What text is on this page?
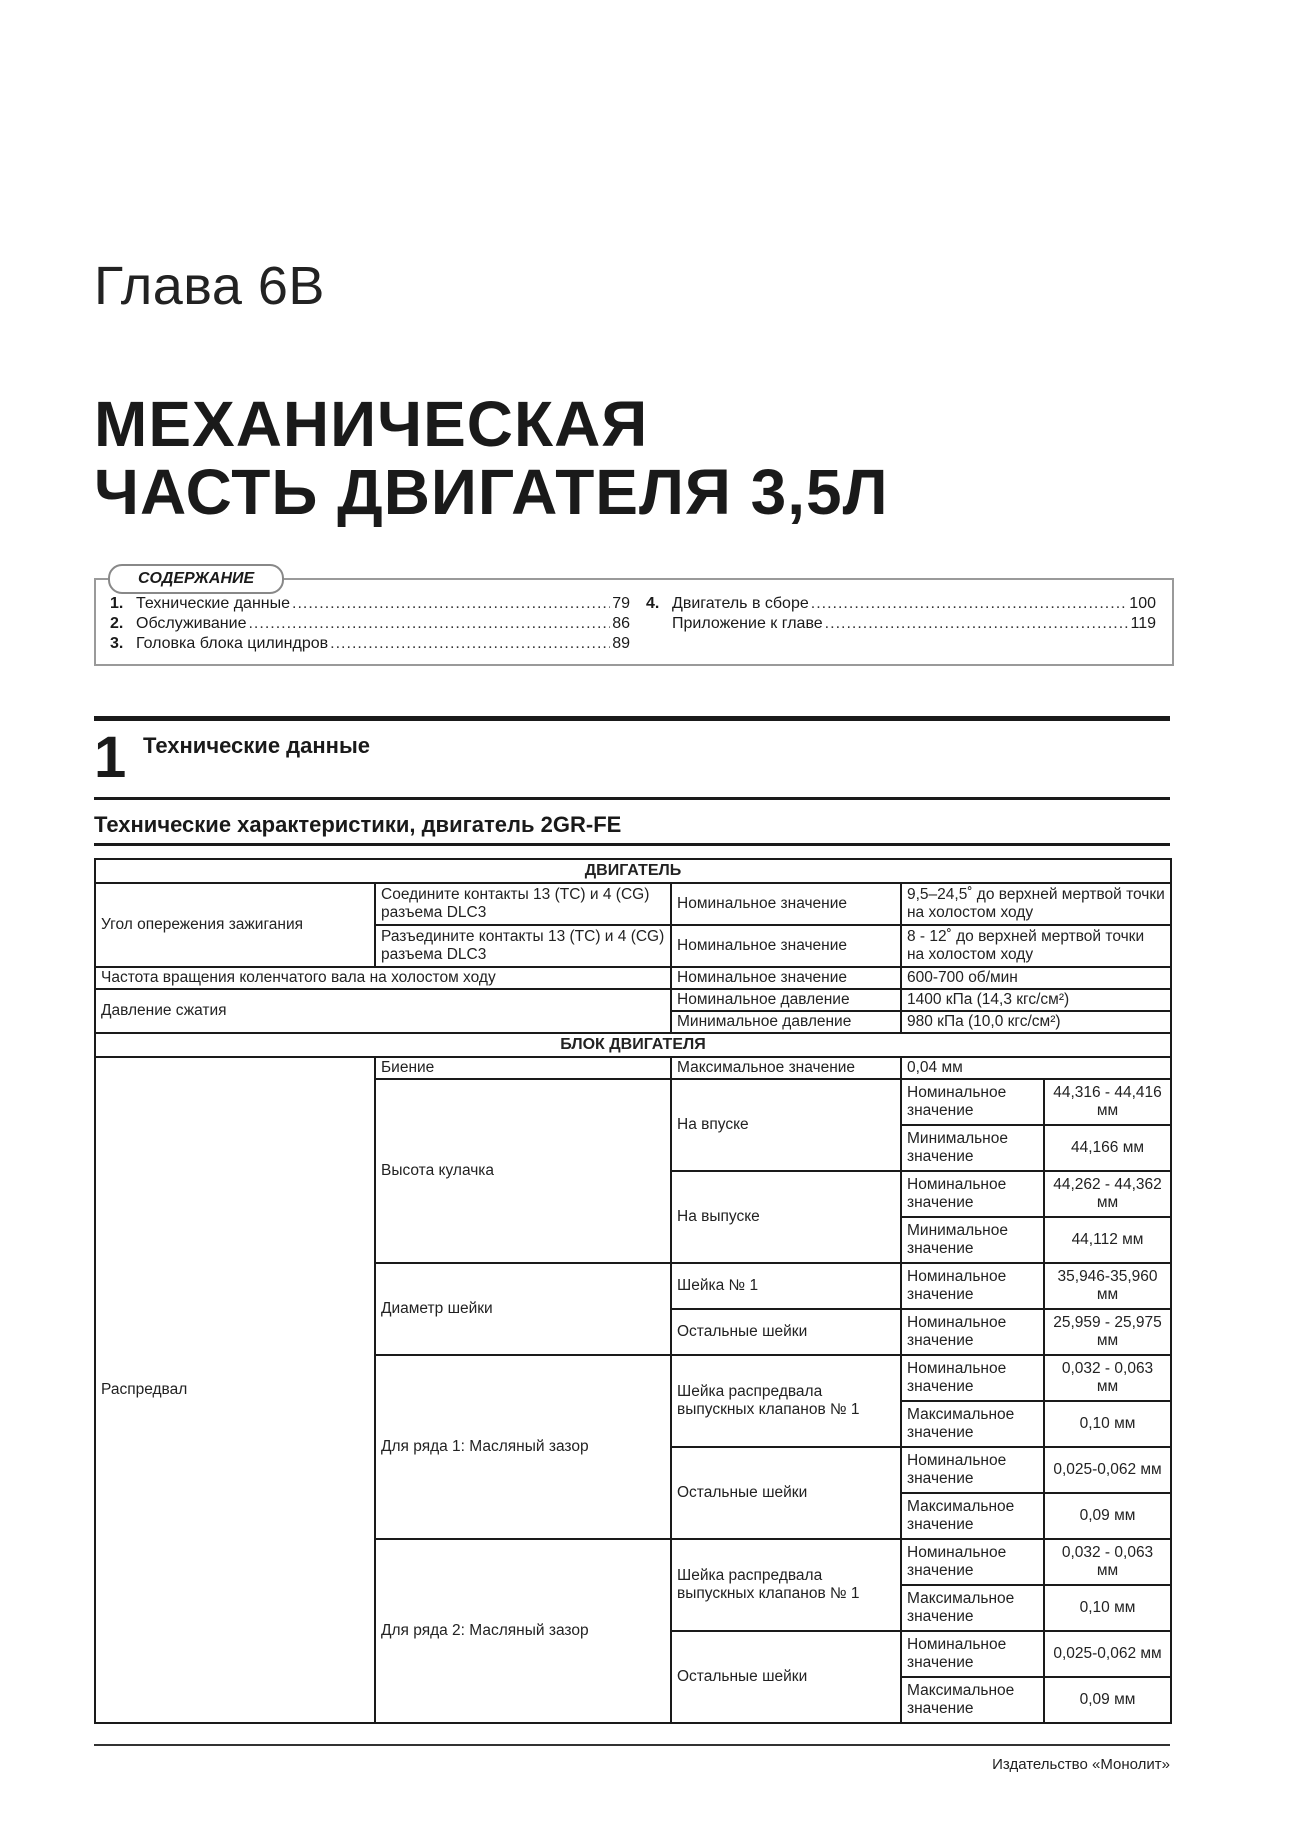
Глава 6В
МЕХАНИЧЕСКАЯ
ЧАСТЬ ДВИГАТЕЛЯ 3,5Л
СОДЕРЖАНИЕ
1. Технические данные .....	79
2. Обслуживание .....	86
3. Головка блока цилиндров .....	89
4. Двигатель в сборе .....	100
Приложение к главе .....	119
1 Технические данные
Технические характеристики, двигатель 2GR-FE
ДВИГАТЕЛЬ				
Угол опережения зажигания	Соедините контакты 13 (TC) и 4 (CG) разъема DLC3	Номинальное значение	9,5–24,5˚ до верхней мертвой точки на холостом ходу	
	Разъедините контакты 13 (TC) и 4 (CG) разъема DLC3	Номинальное значение	8 - 12˚ до верхней мертвой точки на холостом ходу	
Частота вращения коленчатого вала на холостом ходу		Номинальное значение	600-700 об/мин	
Давление сжатия		Номинальное давление	1400 кПа (14,3 кгс/см²)	
		Минимальное давление	980 кПа (10,0 кгс/см²)	
БЛОК ДВИГАТЕЛЯ				
Распредвал	Биение	Максимальное значение	0,04 мм	
	Высота кулачка	На впуске	Номинальное значение	44,316 - 44,416 мм
			Минимальное значение	44,166 мм
		На выпуске	Номинальное значение	44,262 - 44,362 мм
			Минимальное значение	44,112 мм
	Диаметр шейки	Шейка № 1	Номинальное значение	35,946-35,960 мм
		Остальные шейки	Номинальное значение	25,959 - 25,975 мм
	Для ряда 1: Масляный зазор	Шейка распредвала выпускных клапанов № 1	Номинальное значение	0,032 - 0,063 мм
			Максимальное значение	0,10 мм
		Остальные шейки	Номинальное значение	0,025-0,062 мм
			Максимальное значение	0,09 мм
	Для ряда 2: Масляный зазор	Шейка распредвала выпускных клапанов № 1	Номинальное значение	0,032 - 0,063 мм
			Максимальное значение	0,10 мм
		Остальные шейки	Номинальное значение	0,025-0,062 мм
			Максимальное значение	0,09 мм
Издательство «Монолит»
